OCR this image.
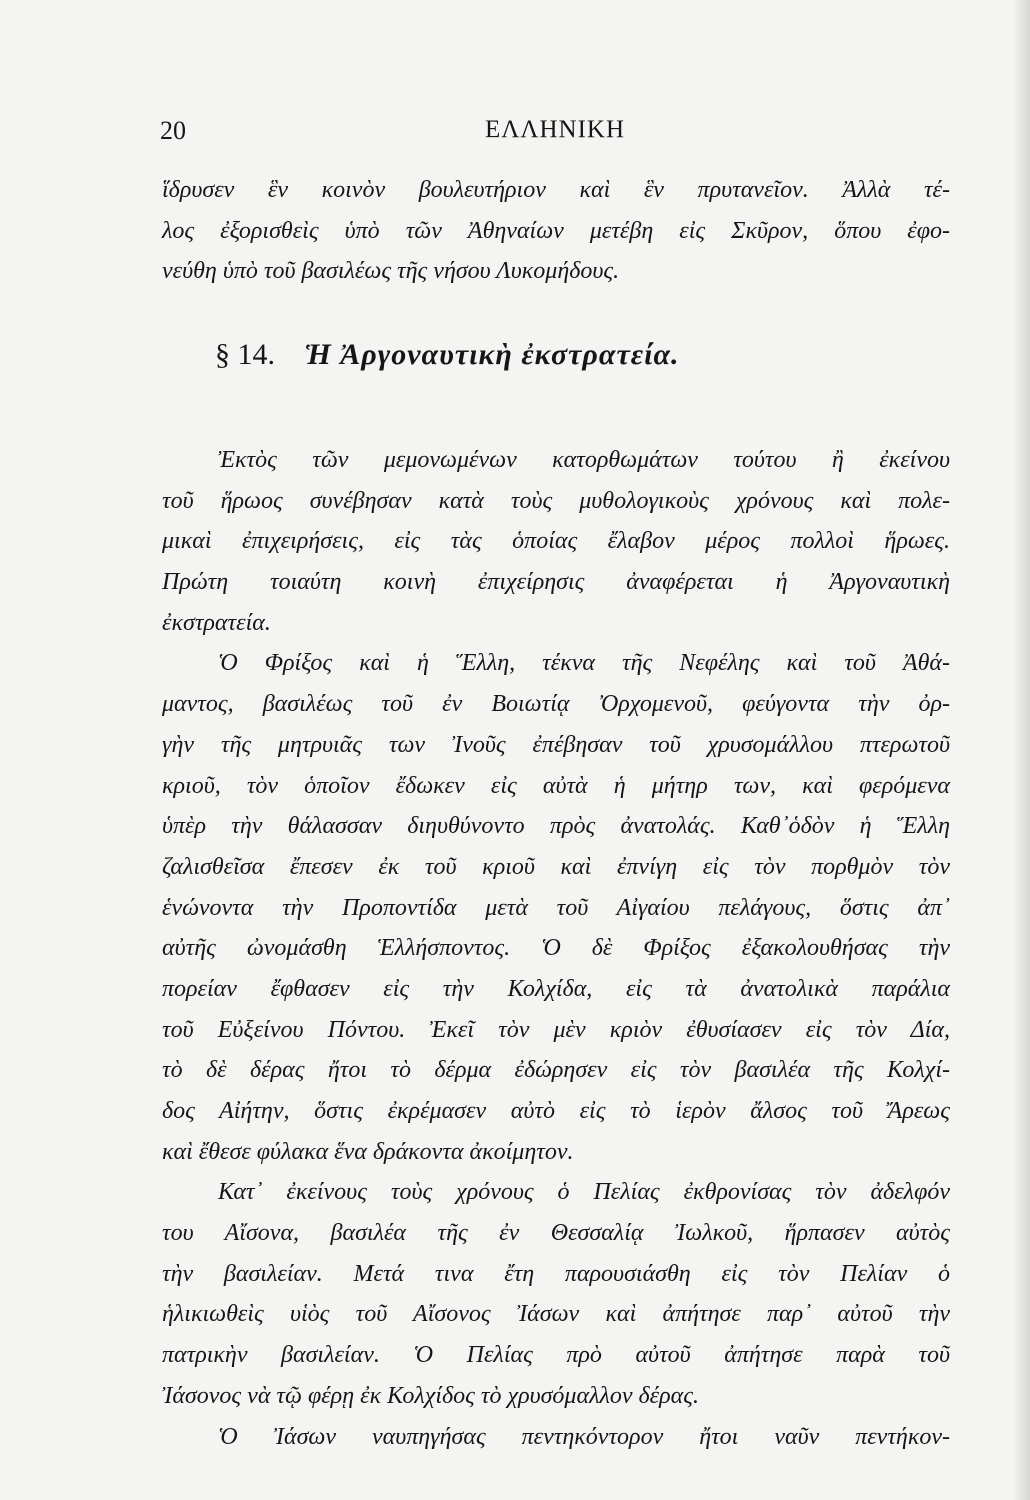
20	ΕΛΛΗΝΙΚΗ
ἵδρυσεν ἓν κοινὸν βουλευτήριον καὶ ἓν πρυτανεῖον. Ἀλλὰ τέ-
λος ἐξορισθεὶς ὑπὸ τῶν Ἀθηναίων μετέβη εἰς Σκῦρον, ὅπου ἐφο-
νεύθη ὑπὸ τοῦ βασιλέως τῆς νήσου Λυκομήδους.
§ 14. Ἡ Ἀργοναυτικὴ ἐκστρατεία.
Ἐκτὸς τῶν μεμονωμένων κατορθωμάτων τούτου ἢ ἐκείνου
τοῦ ἥρωος συνέβησαν κατὰ τοὺς μυθολογικοὺς χρόνους καὶ πολε-
μικαὶ ἐπιχειρήσεις, εἰς τὰς ὁποίας ἔλαβον μέρος πολλοὶ ἥρωες.
Πρώτη τοιαύτη κοινὴ ἐπιχείρησις ἀναφέρεται ἡ Ἀργοναυτικὴ
ἐκστρατεία.
Ὁ Φρίξος καὶ ἡ Ἕλλη, τέκνα τῆς Νεφέλης καὶ τοῦ Ἀθά-
μαντος, βασιλέως τοῦ ἐν Βοιωτίᾳ Ὀρχομενοῦ, φεύγοντα τὴν ὀρ-
γὴν τῆς μητρυιᾶς των Ἰνοῦς ἐπέβησαν τοῦ χρυσομάλλου πτερωτοῦ
κριοῦ, τὸν ὁποῖον ἔδωκεν εἰς αὐτὰ ἡ μήτηρ των, καὶ φερόμενα
ὑπὲρ τὴν θάλασσαν διηυθύνοντο πρὸς ἀνατολάς. Καθ᾽ὁδὸν ἡ Ἕλλη
ζαλισθεῖσα ἔπεσεν ἐκ τοῦ κριοῦ καὶ ἐπνίγη εἰς τὸν πορθμὸν τὸν
ἑνώνοντα τὴν Προποντίδα μετὰ τοῦ Αἰγαίου πελάγους, ὅστις ἀπ᾽
αὐτῆς ὠνομάσθη Ἑλλήσποντος. Ὁ δὲ Φρίξος ἐξακολουθήσας τὴν
πορείαν ἔφθασεν εἰς τὴν Κολχίδα, εἰς τὰ ἀνατολικὰ παράλια
τοῦ Εὐξείνου Πόντου. Ἐκεῖ τὸν μὲν κριὸν ἐθυσίασεν εἰς τὸν Δία,
τὸ δὲ δέρας ἤτοι τὸ δέρμα ἐδώρησεν εἰς τὸν βασιλέα τῆς Κολχί-
δος Αἰήτην, ὅστις ἐκρέμασεν αὐτὸ εἰς τὸ ἱερὸν ἄλσος τοῦ Ἄρεως
καὶ ἔθεσε φύλακα ἕνα δράκοντα ἀκοίμητον.
Κατ᾽ ἐκείνους τοὺς χρόνους ὁ Πελίας ἐκθρονίσας τὸν ἀδελφόν
του Αἴσονα, βασιλέα τῆς ἐν Θεσσαλίᾳ Ἰωλκοῦ, ἥρπασεν αὐτὸς
τὴν βασιλείαν. Μετά τινα ἔτη παρουσιάσθη εἰς τὸν Πελίαν ὁ
ἡλικιωθεὶς υἱὸς τοῦ Αἴσονος Ἰάσων καὶ ἀπήτησε παρ᾽ αὐτοῦ τὴν
πατρικὴν βασιλείαν. Ὁ Πελίας πρὸ αὐτοῦ ἀπήτησε παρὰ τοῦ
Ἰάσονος νὰ τῷ φέρῃ ἐκ Κολχίδος τὸ χρυσόμαλλον δέρας.
Ὁ Ἰάσων ναυπηγήσας πεντηκόντορον ἤτοι ναῦν πεντήκον-
